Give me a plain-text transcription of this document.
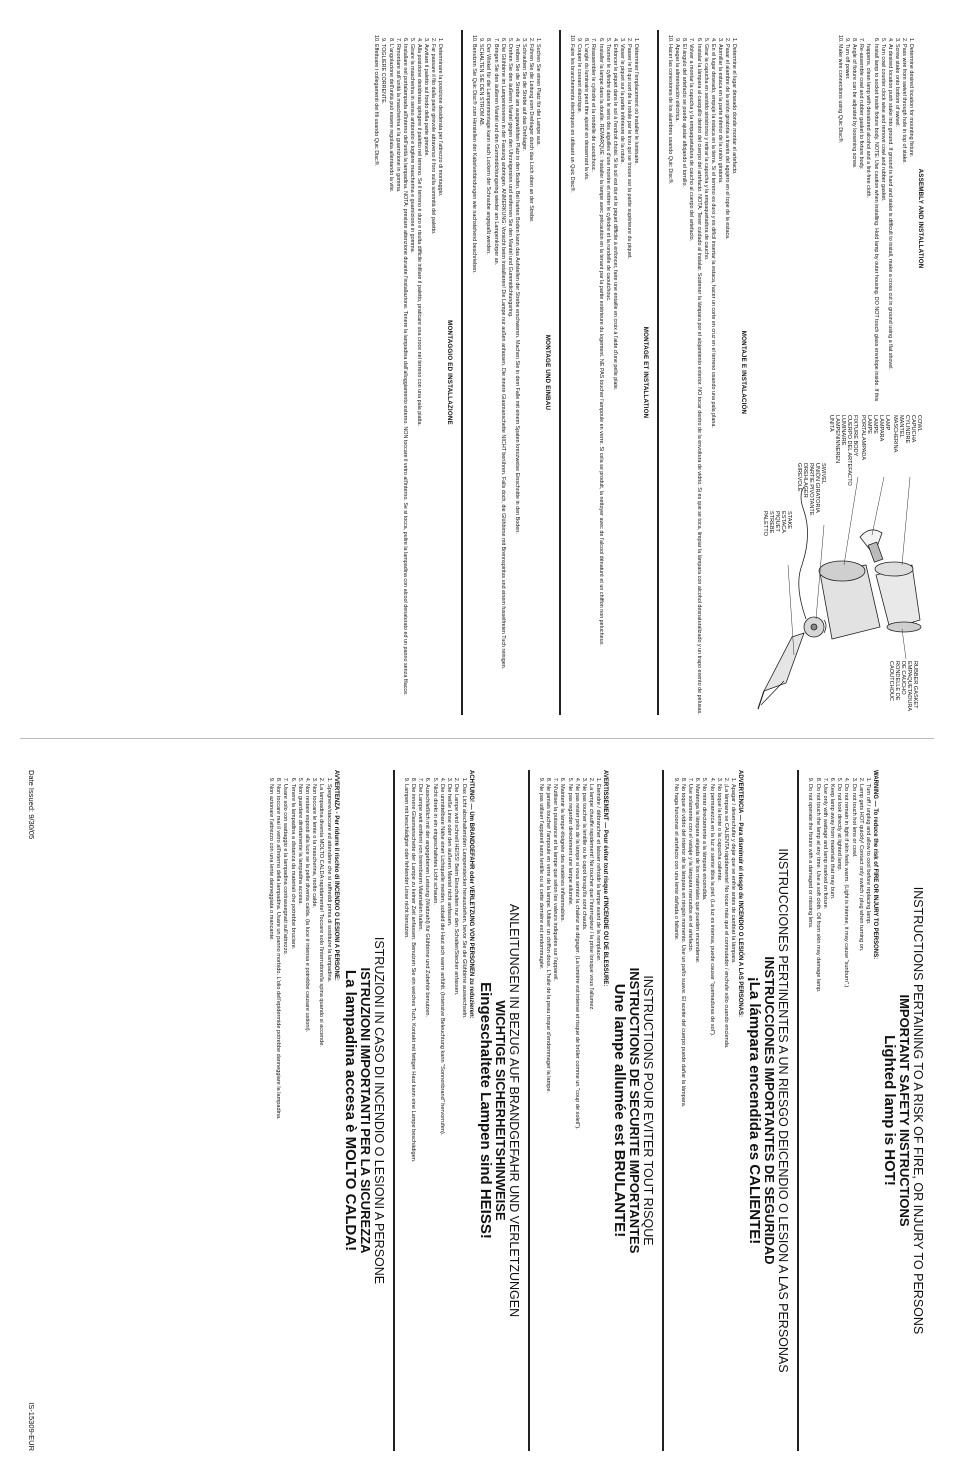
ASSEMBLY AND INSTALLATION
1. Determine desired location for mounting fixture.
2. Pass wire from swivel through hole in top of stake.
3. Screw stake onto bottom of swivel.
4. At desired location push stake into ground. If ground is hard and stake is difficult to install, make a cross cut in ground using a flat shovel.
5. Turn cowl counter clock wise and remove cowl and rubber gasket.
6. Install lamp to socket inside fixture body. NOTE: Use caution when installing. Hold lamp by outer housing. DO NOT touch glass envelope inside. If this happens, clean lamp with denatured alcohol and a lint-free cloth.
7. Re-assemble cowl and rubber gasket to fixture body.
8. Angle of fixture can be adjusted by loosening screw.
9. Turn off power.
10. Make wire connections using Quic Disc®.
COWL
CAPUCHA
CYLINDRE
MANTEL
MASCHERINA
LAMP
LÁMPARA
LAMPE
LAMPE
PORTALAMPADA
FIXTURE BODY
CUERPO DEL ARTEFACTO
LUMINAIRE
LAMPENINNEREN
UNITÀ
SWIVEL
UNIÓN GIRATORIA
PARTIE PIVOTANTE
DREHLAGER
GIREVOLE
STAKE
ESTACA
PIQUET
STREBE
PALETTO
RUBBER GASKET
EMPAQUETADURA
DE CAUCHO
RONDELLE DE
CAOUTCHOUC
MONTAJE E INSTALACIÓN
1. Determine el lugar deseado donde montar el artefacto.
2. Pasar el alambre de la unión giratoria a través del agujero en el tope de la estaca.
3. Atornillar la estaca en la parte inferior de la unión giratoria.
4. En el lugar deseado, empuje la estaca en la tierra. Si el terreno es duro y es difícil insertar la estaca, hacer un corte en cruz en el terreno usando una pala plana.
5. Girar la capucha en sentido sinistrorso y retirar la capucha y la empaquetadura de caucho.
6. Instalar la lámpara al casquillo dentro del cuerpo del artefacto. NOTA: Tener cuidado al instalar. Sostener la lámpara por el alojamiento exterior. NO tocar dentro de la envoltura de vidrio. Si es que se toca, limpiar la lámpara con alcohol desnaturalizado y un trapo exento de pelusas.
7. Volver a montar la capucha y la empaquetadura de caucho al cuerpo del artefacto.
8. El ángulo del artefacto se puede ajustar aflojando el tornillo.
9. Apagar la alimentación eléctrica.
10. Hacer las conexiones de los alambres usando Quic Disc®.
MONTAGE ET INSTALLATION
1. Déterminer l'emplacement où installer le luminaire.
2. Passer le fil qui sort de la rotule par le trou qui se trouve sur la partie supérieure du piquet.
3. Visser le piquet sur la partie inférieure de la rotule.
4. Enfoncer le piquet dans le sol à l'endroit choisi. Si le sol est dur et le piquet difficile à enfoncer, faire une entaille en croix à l'aide d'une pelle plate.
5. Tourner le cylindre dans le sens des aiguilles d'une montre et retirer le cylindre et la rondelle de caoutchouc.
6. Installer la lampe dans la douille. REMARQUE : Installer la lampe avec précaution en la tenant par la partie extérieure du logement. NE PAS toucher l'ampoule en verre. Si cela se produit, la nettoyer avec de l'alcool dénaturé et un chiffon non pelucheux.
7. Réassembler le cylindre et la rondelle de caoutchouc.
8. L'angle du luminaire peut être ajusté en desserrant la vis.
9. Couper le courant électrique.
10. Faire les branchements électriques en utilisant un Quic Disc®.
MONTAGE UND EINBAU
1. Suchen Sie einen Platz für die Lampe aus.
2. Führen Sie die Leitung vom Drehlager durch das Loch oben an der Strebe.
3. Schrauben Sie die Strebe auf das Drehlager.
4. Treiben Sie die Strebe am ausgewählten Platz in den Boden. Bei harten Boden kann das Aufstellen der Strebe erschweren. Machen Sie in dem Falle mit einem Spaten kreuzweise Einschnitte in den Boden.
5. Drehen Sie den äußeren Mantel gegen den Uhrzeigersinn und entfernen Sie den Mantel und Gummidichtungsring.
6. Die Glühbirne im Lampeninneren in der Fassung anbringen. ANMERKUNG: Vorsicht beim Installieren! Die Lampe nur außen anfassen. Die innere Glasmanschette NICHT berühren. Falls doch, die Glühbirne mit Brennspiritus und einem fusselfreien Tuch reinigen.
7. Bringen Sie den äußeren Mantel und den Gummidichtungsring wieder am Lampenkörper an.
8. Der Winkel für die Lampenmontage kann nach Lockern der Schraube angepaßt werden.
9. SCHALTEN SIE DEN STROM AB.
10. Benutzen Sie Quic Disc® zum Herstellen der Kabelverbindungen wie nachstehend beschrieben.
MONTAGGIO ED INSTALLAZIONE
1. Determinare la posizione desiderata per l'attrezzo di montaggio.
2. Far passare il filo dalla parte girevole attraverso il foro sulla sommità del paletto.
3. Avvitare il paletto sul fondo della parte girevole.
4. Alla posizione desiderata spingere il paletto nel terreno. Se il terreno è duro e risulta difficile infilare il paletto, praticare una croce nel terreno con una pala piatta.
5. Girare la mascherina in senso antiorario e togliere mascherina e guarnizione in gomma.
6. Installare nel portalampada all'interno dell'unità la lampadina. NOTA: prestare attenzione durante l'installazione. Tenere la lampadina dall'alloggiamento esterno. NON toccare il vetro all'interno. Se si tocca, pulire la lampadina con alcool denaturato ed un panno senza filacce.
7. Rimontare sull'unità la mascherina e la guarnizione in gomma.
8. L'angolazione dell'unità può essere regolata allentando la vite.
9. TOGLIERE CORRENTE.
10. Effettuare i collegamenti dei fili usando Quic Disc®.
INSTRUCTIONS PERTAINING TO A RISK OF FIRE, OR INJURY TO PERSONS
IMPORTANT SAFETY INSTRUCTIONS
Lighted lamp is HOT!
WARNING — To reduce the risk of FIRE OR INJURY TO PERSONS:
1. Turn off / unplug and allow to cool before replacing lamp.
2. Lamp gets HOT quickly! Contact only switch / plug when turning on.
3. Do not touch hot lens or cowl.
4. Do not remain in light if skin feels warm. (Light is intense, it may cause "sunburn".)
5. Do not look directly at lighted lamp.
6. Keep lamp away from materials that may burn.
7. Use only with wattage and lamp marked on fixture.
8. Do not touch the lamp at any time. Use a soft cloth. Oil from skin may damage lamp.
9. Do not operate the fixture with a damaged or missing lens.
INSTRUCCIONES PERTINENTES A UN RIESGO DEICENDIO O LESION A LAS PERSONAS
INSTRUCCIONES IMPORTANTES DE SEGURIDAD
¡La lámpara encendida es CALIENTE!
ADVERTENCIA — Para disminuir el riesgo de INCENDIO O LESIÓN A LAS PERSONAS:
1. Apagar / desenchufar y dejar que se enfríe antes de cambiar la lámpara.
2. ¡La lámpara se CALIENTA rápidamente! No tocar más que el conmutador / enchufe sólo cuando encienda.
3. No toque la lente o la capucha caliente.
4. No permanezca en la luz si siente tibia la piel. (La luz es intensa, puede causar "quemaduras de sol").
5. No mirar directamente a la lámpara encendida.
6. Mantenga la lámpara alejada de los materiales que pueden encenderse.
7. Use solamente con el vatiaje y la lámpara marcados en el artefacto.
8. No toque el vidrio del interior de la lámpara en ningún momento. Use un paño suave. El aceite del cuerpo puede dañar la lámpara.
9. No haga funcionar el artefacto con una lente dañada o faltante.
INSTRUCTIONS POUR EVITER TOUT RISQUE
INSTRUCTIONS DE SECURITE IMPORTANTES
Une lampe allumée est BRULANTE!
AVERTISSEMENT — Pour éviter tout risque d'INCENDIE OU DE BLESSURE:
1. Eteindre / débrancher et laisser refroidir la lampe avant de la remplacer.
2. La lampe chauffe rapidement! Ne toucher que l'interrupteur / la prise lorsque vous l'allumez.
3. Ne pas toucher la lentille ou le capot lorsqu'ils sont chauds.
4. Ne pas rester près de la lampe si vous sentez la chaleur se dégager. (La lumière est intense et risque de brûler comme un "coup de soleil").
5. Ne pas regarder directement une lampe allumée.
6. Maintenir la lampe éloignée des matières inflammables.
7. N'utiliser la puissance et la lampe que selon les valeurs indiquées sur l'appareil.
8. Ne jamais toucher l'ampoule en verre de la lampe. Utiliser un chiffon doux. L'huile de la peau risque d'endommager la lampe.
9. Ne pas utiliser l'appareil sans lentille ou si cette dernière est endommagée.
ANLEITUNGEN IN BEZUG AUF BRANDGEFAHR UND VERLETZUNGEN
WICHTIGE SICHERHEITSHINWEISE
Eingeschaltete Lampen sind HEISS!
ACHTUNG! — Um BRANDGEFAHR oder VERLETZUNG VON PERSONEN zu reduzieren:
1. Das Licht abschalten/den Lampenstecker herausziehen, bevor Sie die Glühbirne auswechseln.
2. Die Lampe wird schnell HEISS! Beim Einschalten nur den Schalter/Stecker anfassen.
3. Die heiße Linse oder den äußeren Mantel nicht anfassen.
4. Die unmittelbare Nähe einer Lichtquelle meiden, sobald die Haut sich warm anfühlt. (Intensive Beleuchtung kann "Sonnenbrand" hervorrufen).
5. Nicht direkt in ein eingeschaltetes Licht schauen.
6. Ausschließlich mit der angegebenen Leistung (Wattzahl) für Glühbirne und Zubehör benutzen.
7. Die Lampe weit entfernt von brennbaren Materialien halten.
8. Die innere Glasmanschette der Lampe zu keiner Zeit anfassen. Benutzen Sie ein weiches Tuch. Kontakt mit fettiger Haut kann eine Lampe beschädigen.
9. Lampen mit beschädigter oder fehlender Linse nicht benutzen.
ISTRUZIONI IN CASO DI INCENDIO O LESIONI A PERSONE
ISTRUZIONI IMPORTANTI PER LA SICUREZZA
La lampadina accesa è MOLTO CALDA!
AVVERTENZA - Per ridurre il rischio di INCENDIO O LESIONI A PERSONE:
1. Spegnere/staccare ed attendere che si raffreddi prima di sostituire la lampadina.
2. La lampadina diventa MOLTO CALDA rapidamente! Toccare solo l'interruttore/la spina quando si accende.
3. Non toccare le lente o la mascherina, molto calde.
4. Non restare esposti alla luce se la pelle diventa calda. (la luce è intensa e potrebbe causare ustioni).
5. Non guardare direttamente la lampadina accesa.
6. Tenere la lampadina a distanza da materiali che potrebbe bruciare.
7. Usare solo con wattaggio e la lampadina contrassegnati sull'attrezzo.
8. Non toccare mai il vetro all'interno della lampadina. Usare un panno morbido. L'olio dell'epidermide potrebbe danneggiare la lampadina.
9. Non azionare l'attrezzo con una lente danneggiata o mancante.
Date Issued: 9/30/05
IS-15309-EUR
